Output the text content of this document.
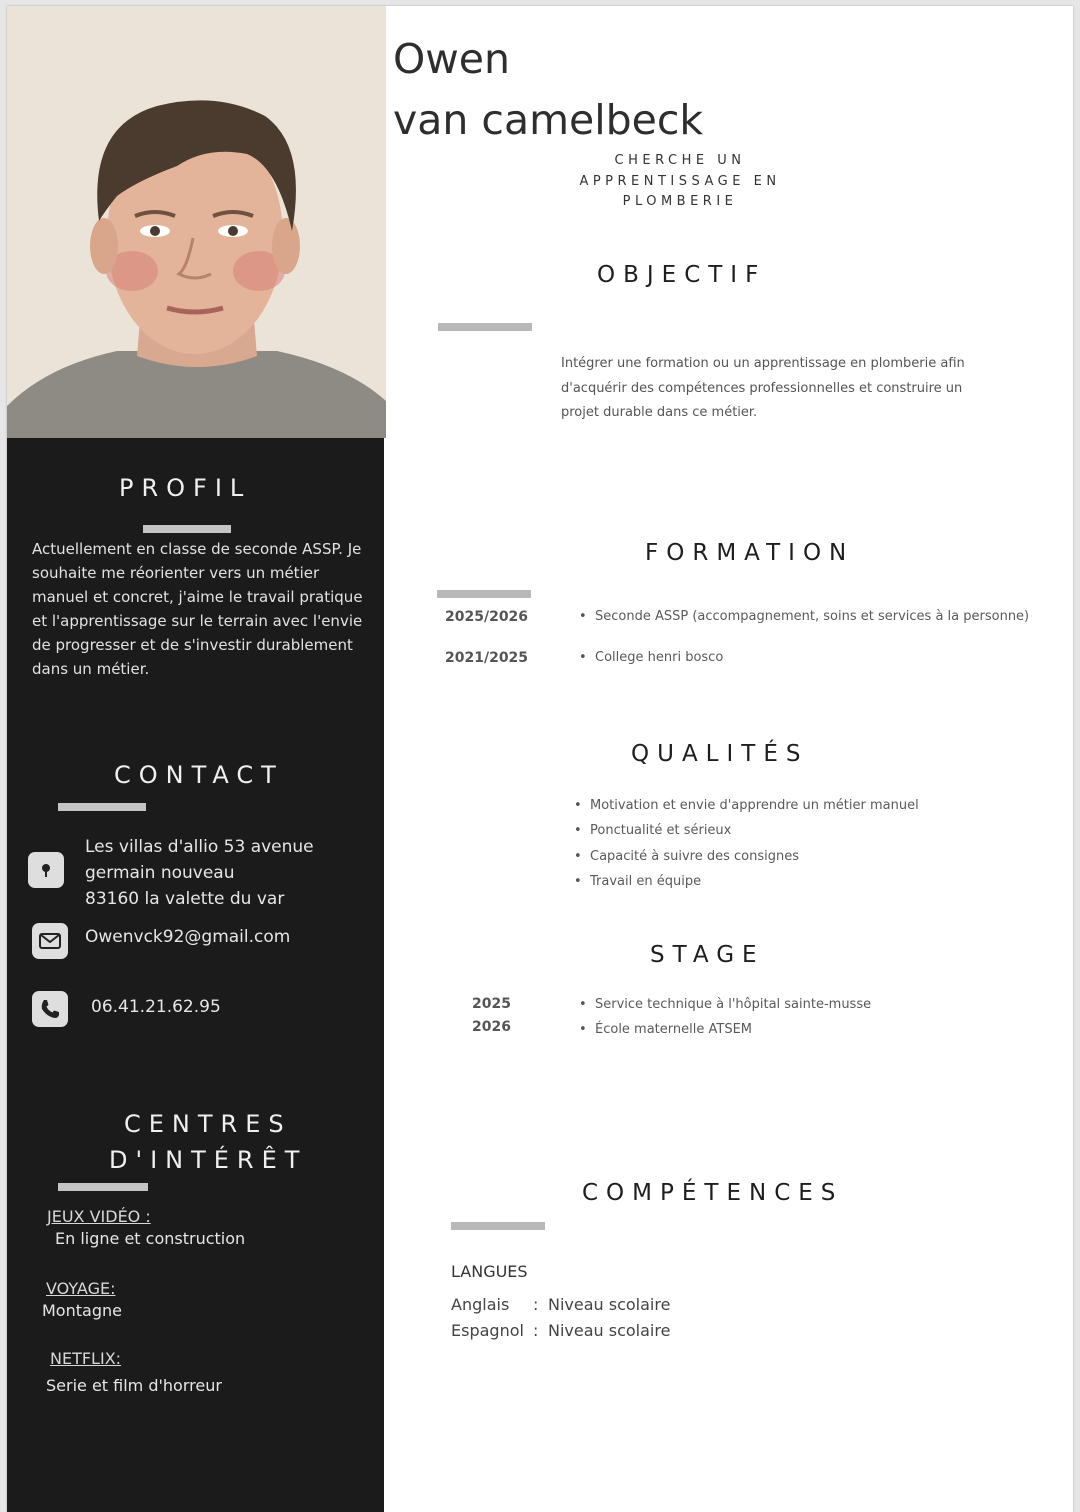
PROFIL
Actuellement en classe de seconde ASSP. Je souhaite me réorienter vers un métier manuel et concret, j'aime le travail pratique et l'apprentissage sur le terrain avec l'envie de progresser et de s'investir durablement dans un métier.
CONTACT
Les villas d'allio 53 avenue
germain nouveau
83160 la valette du var
Owenvck92@gmail.com
06.41.21.62.95
CENTRES
D'INTÉRÊT
JEUX VIDÉO :
En ligne et construction
VOYAGE:
Montagne
NETFLIX:
Serie et film d'horreur
Owen
van camelbeck
CHERCHE UN
APPRENTISSAGE EN
PLOMBERIE
OBJECTIF
Intégrer une formation ou un apprentissage en plomberie afin d'acquérir des compétences professionnelles et construire un projet durable dans ce métier.
FORMATION
2025/2026	• Seconde ASSP (accompagnement, soins et services à la personne)
2021/2025	• College henri bosco
QUALITÉS
• Motivation et envie d'apprendre un métier manuel
• Ponctualité et sérieux
• Capacité à suivre des consignes
• Travail en équipe
STAGE
2025
2026
• Service technique à l'hôpital sainte-musse
• École maternelle ATSEM
COMPÉTENCES
LANGUES
Anglais : Niveau scolaire
Espagnol : Niveau scolaire
